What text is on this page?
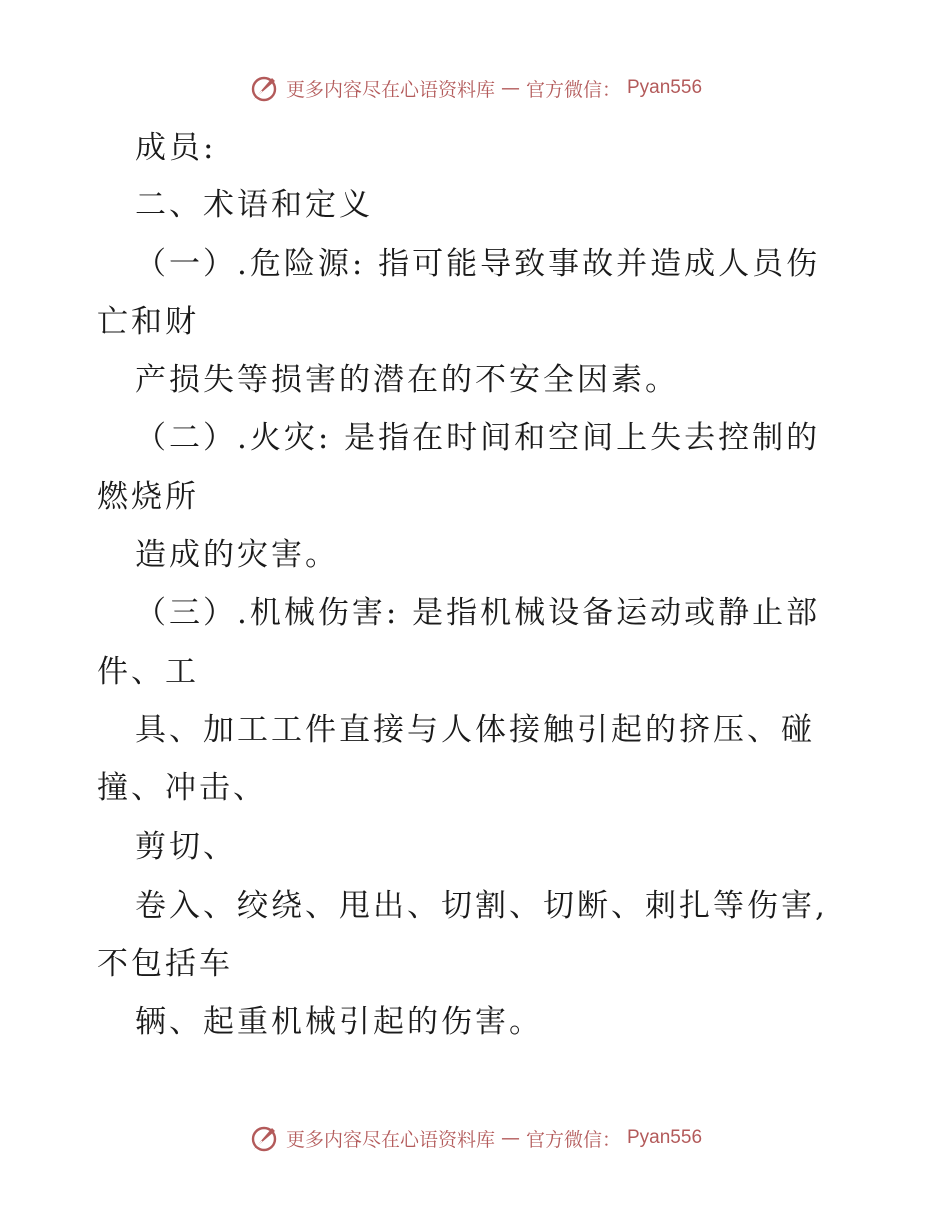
更多内容尽在心语资料库 — 官方微信： Pyan556
成员:
二、术语和定义
（一）.危险源: 指可能导致事故并造成人员伤
亡和财
产损失等损害的潜在的不安全因素。
（二）.火灾: 是指在时间和空间上失去控制的
燃烧所
造成的灾害。
（三）.机械伤害: 是指机械设备运动或静止部
件、工
具、加工工件直接与人体接触引起的挤压、碰
撞、冲击、
剪切、
卷入、绞绕、甩出、切割、切断、刺扎等伤害,
不包括车
辆、起重机械引起的伤害。
更多内容尽在心语资料库 — 官方微信： Pyan556
